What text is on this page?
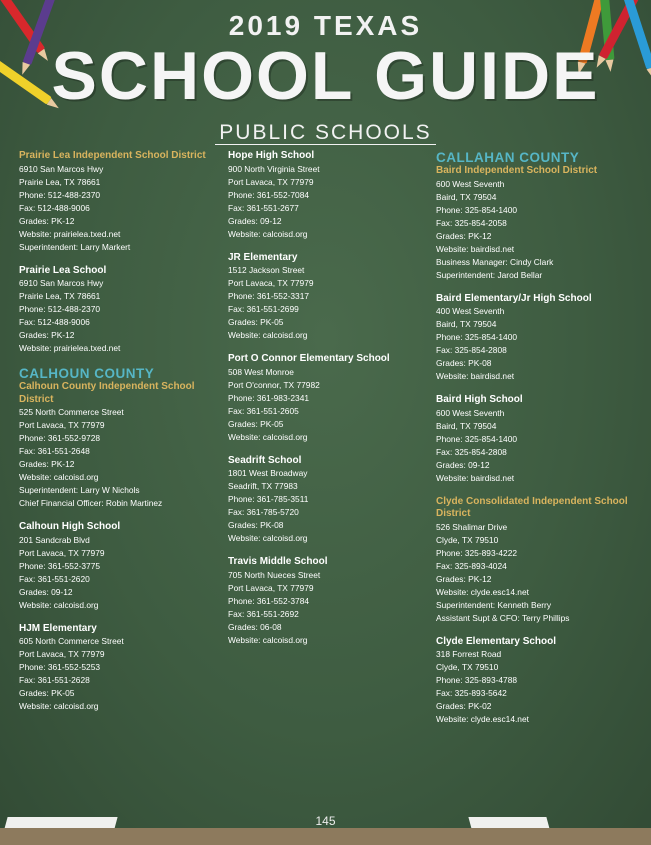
2019 TEXAS
SCHOOL GUIDE
PUBLIC SCHOOLS
Prairie Lea Independent School District
6910 San Marcos Hwy
Prairie Lea, TX 78661
Phone: 512-488-2370
Fax: 512-488-9006
Grades: PK-12
Website: prairielea.txed.net
Superintendent: Larry Markert
Prairie Lea School
6910 San Marcos Hwy
Prairie Lea, TX 78661
Phone: 512-488-2370
Fax: 512-488-9006
Grades: PK-12
Website: prairielea.txed.net
CALHOUN COUNTY
Calhoun County Independent School District
525 North Commerce Street
Port Lavaca, TX 77979
Phone: 361-552-9728
Fax: 361-551-2648
Grades: PK-12
Website: calcoisd.org
Superintendent: Larry W Nichols
Chief Financial Officer: Robin Martinez
Calhoun High School
201 Sandcrab Blvd
Port Lavaca, TX 77979
Phone: 361-552-3775
Fax: 361-551-2620
Grades: 09-12
Website: calcoisd.org
HJM Elementary
605 North Commerce Street
Port Lavaca, TX 77979
Phone: 361-552-5253
Fax: 361-551-2628
Grades: PK-05
Website: calcoisd.org
Hope High School
900 North Virginia Street
Port Lavaca, TX 77979
Phone: 361-552-7084
Fax: 361-551-2677
Grades: 09-12
Website: calcoisd.org
JR Elementary
1512 Jackson Street
Port Lavaca, TX 77979
Phone: 361-552-3317
Fax: 361-551-2699
Grades: PK-05
Website: calcoisd.org
Port O Connor Elementary School
508 West Monroe
Port O'connor, TX 77982
Phone: 361-983-2341
Fax: 361-551-2605
Grades: PK-05
Website: calcoisd.org
Seadrift School
1801 West Broadway
Seadrift, TX 77983
Phone: 361-785-3511
Fax: 361-785-5720
Grades: PK-08
Website: calcoisd.org
Travis Middle School
705 North Nueces Street
Port Lavaca, TX 77979
Phone: 361-552-3784
Fax: 361-551-2692
Grades: 06-08
Website: calcoisd.org
CALLAHAN COUNTY
Baird Independent School District
600 West Seventh
Baird, TX 79504
Phone: 325-854-1400
Fax: 325-854-2058
Grades: PK-12
Website: bairdisd.net
Business Manager: Cindy Clark
Superintendent: Jarod Bellar
Baird Elementary/Jr High School
400 West Seventh
Baird, TX 79504
Phone: 325-854-1400
Fax: 325-854-2808
Grades: PK-08
Website: bairdisd.net
Baird High School
600 West Seventh
Baird, TX 79504
Phone: 325-854-1400
Fax: 325-854-2808
Grades: 09-12
Website: bairdisd.net
Clyde Consolidated Independent School District
526 Shalimar Drive
Clyde, TX 79510
Phone: 325-893-4222
Fax: 325-893-4024
Grades: PK-12
Website: clyde.esc14.net
Superintendent: Kenneth Berry
Assistant Supt & CFO: Terry Phillips
Clyde Elementary School
318 Forrest Road
Clyde, TX 79510
Phone: 325-893-4788
Fax: 325-893-5642
Grades: PK-02
Website: clyde.esc14.net
145
